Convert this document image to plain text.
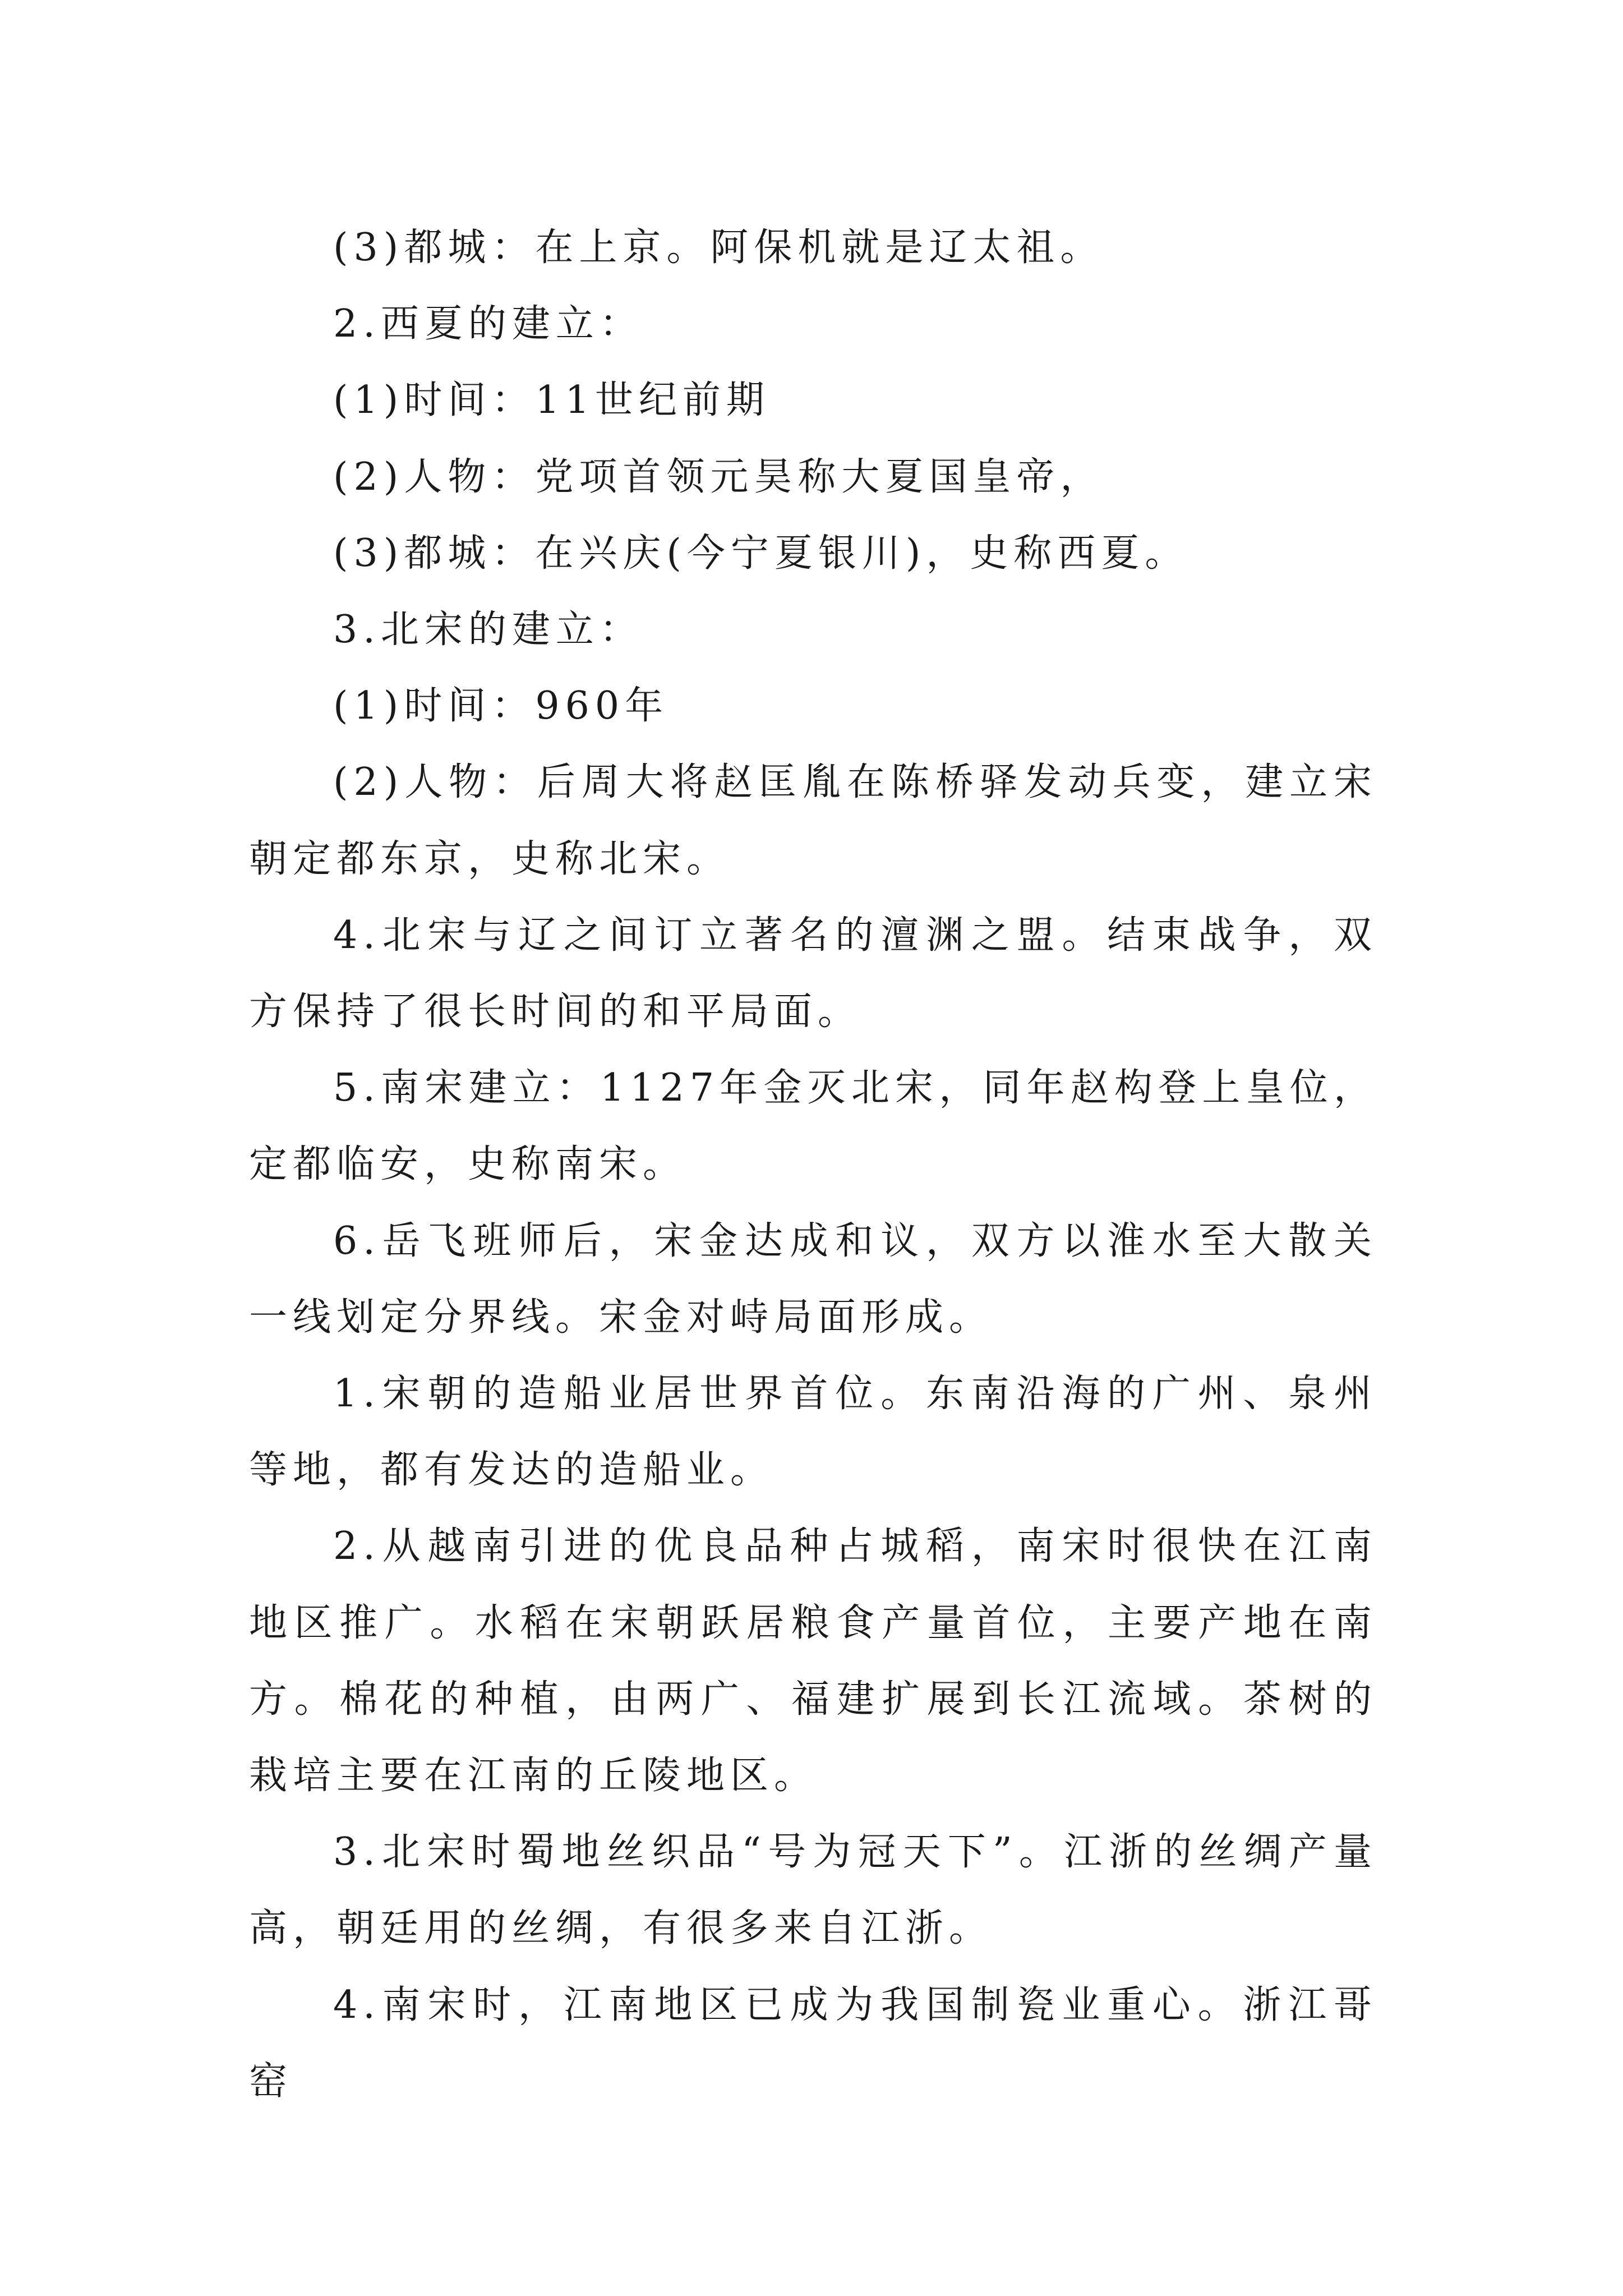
(3)都城：在上京。阿保机就是辽太祖。

2.西夏的建立：

(1)时间：11世纪前期

(2)人物：党项首领元昊称大夏国皇帝，

(3)都城：在兴庆(今宁夏银川)，史称西夏。

3.北宋的建立：

(1)时间：960年

(2)人物：后周大将赵匡胤在陈桥驿发动兵变，建立宋朝定都东京，史称北宋。

4.北宋与辽之间订立著名的澶渊之盟。结束战争，双方保持了很长时间的和平局面。

5.南宋建立：1127年金灭北宋，同年赵构登上皇位，定都临安，史称南宋。

6.岳飞班师后，宋金达成和议，双方以淮水至大散关一线划定分界线。宋金对峙局面形成。

1.宋朝的造船业居世界首位。东南沿海的广州、泉州等地，都有发达的造船业。

2.从越南引进的优良品种占城稻，南宋时很快在江南地区推广。水稻在宋朝跃居粮食产量首位，主要产地在南方。棉花的种植，由两广、福建扩展到长江流域。茶树的栽培主要在江南的丘陵地区。

3.北宋时蜀地丝织品“号为冠天下”。江浙的丝绸产量高，朝廷用的丝绸，有很多来自江浙。

4.南宋时，江南地区已成为我国制瓷业重心。浙江哥窑
